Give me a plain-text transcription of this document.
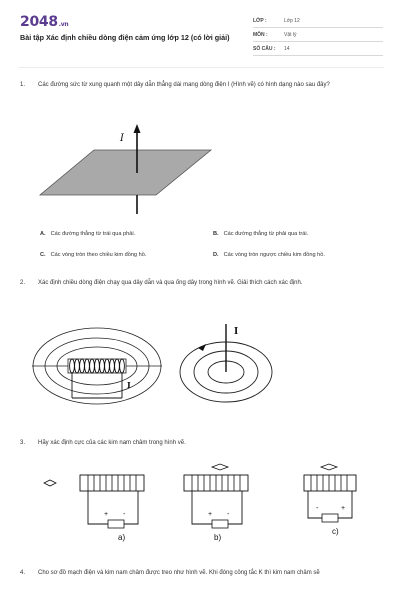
2048.vn
Bài tập Xác định chiều dòng điện cảm ứng lớp 12 (có lời giải)
LỚP :	Lớp 12
MÔN :	Vật lý
SỐ CÂU : 14
1. Các đường sức từ xung quanh một dây dẫn thẳng dài mang dòng điện I (Hình vẽ) có hình dạng nào sau đây?
I
A. Các đường thẳng từ trái qua phải.	B. Các đường thẳng từ phải qua trái.
C. Các vòng tròn theo chiều kim đồng hồ.	D. Các vòng tròn ngược chiều kim đồng hồ.
2. Xác định chiều dòng điện chạy qua dây dẫn và qua ống dây trong hình vẽ. Giải thích cách xác định.
I
I
3. Hãy xác định cực của các kim nam châm trong hình vẽ.
+ -
a)
+ -
b)
-	+
c)
4. Cho sơ đồ mạch điện và kim nam châm được treo như hình vẽ. Khi đóng công tắc K thì kim nam châm sẽ
